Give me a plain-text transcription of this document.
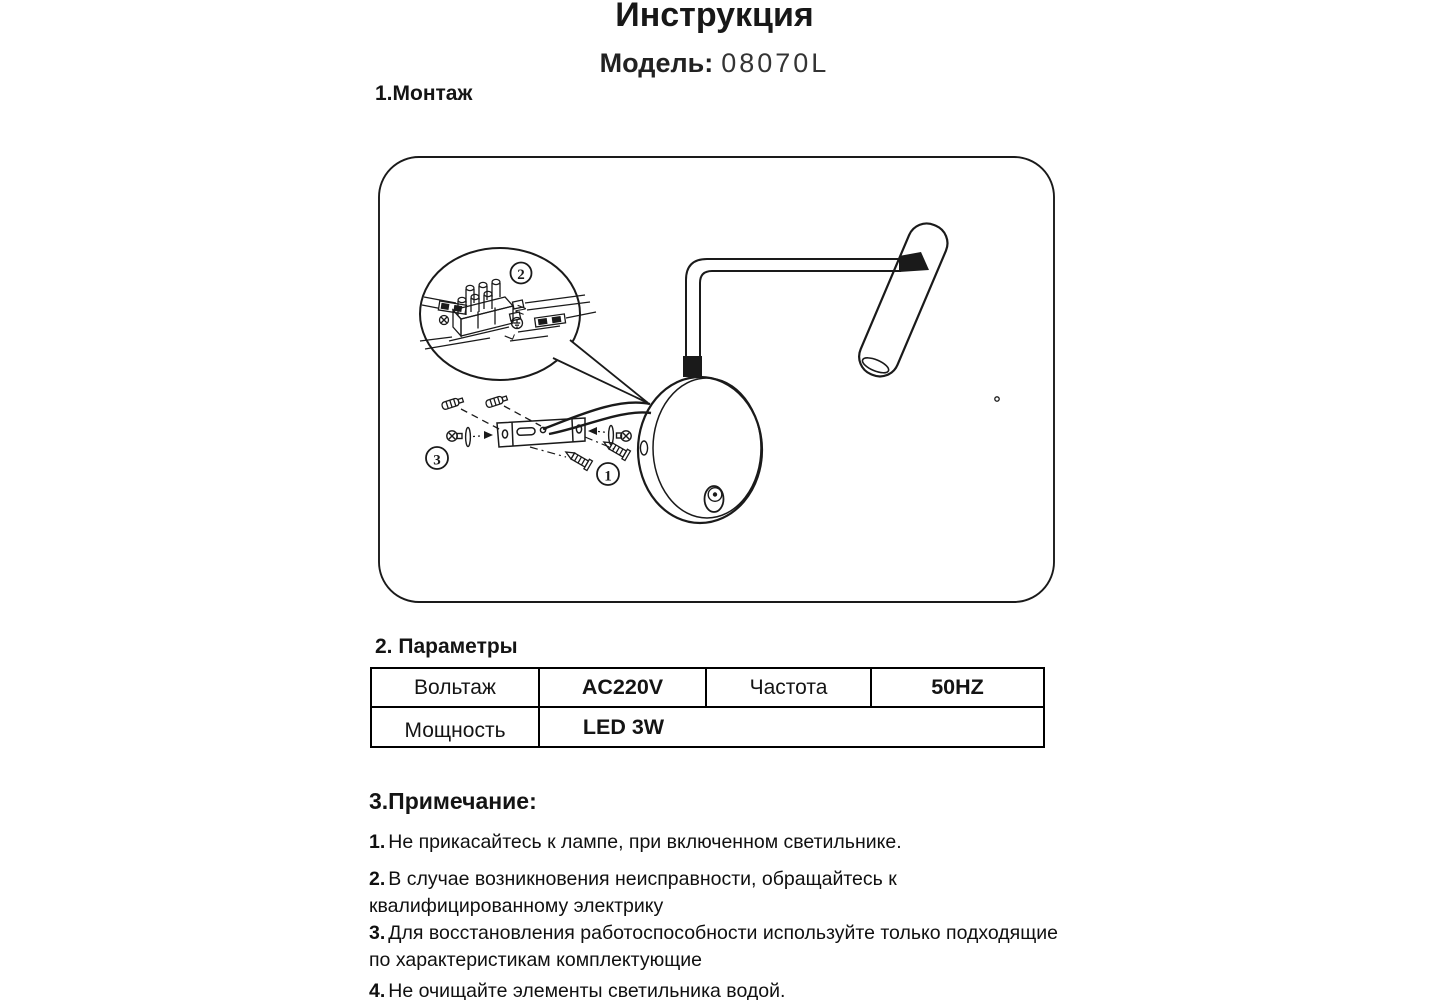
Инструкция
Модель: 08070L
1.Монтаж
N
L
2
3
1
2. Параметры
Вольтаж	AC220V	Частота	50HZ
Мощность	LED 3W
3.Примечание:
1. Не прикасайтесь к лампе, при включенном светильнике.
2. В случае возникновения неисправности, обращайтесь к квалифицированному электрику
3. Для восстановления работоспособности используйте только подходящие по характеристикам комплектующие
4. Не очищайте элементы светильника водой.
